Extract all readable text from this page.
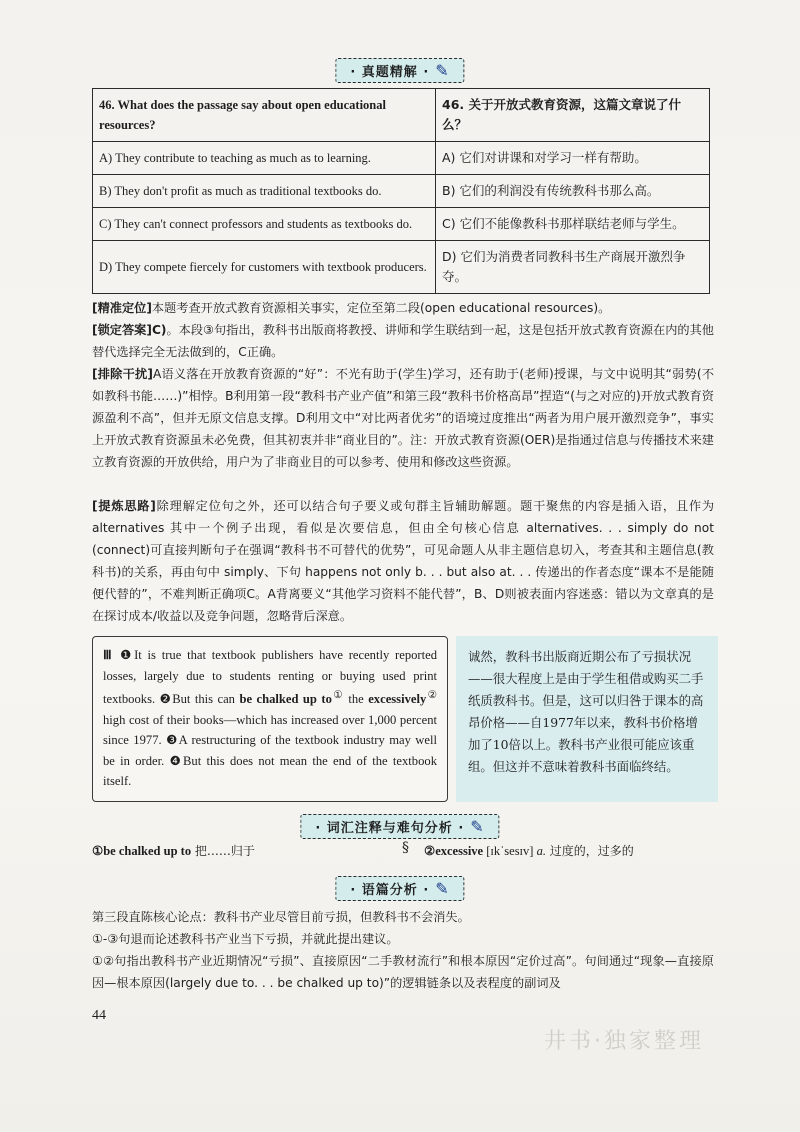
· 真题精解 · ✎
46. What does the passage say about open educational resources?	46. 关于开放式教育资源，这篇文章说了什么？
A) They contribute to teaching as much as to learning.	A) 它们对讲课和对学习一样有帮助。
B) They don't profit as much as traditional textbooks do.	B) 它们的利润没有传统教科书那么高。
C) They can't connect professors and students as textbooks do.	C) 它们不能像教科书那样联结老师与学生。
D) They compete fiercely for customers with textbook producers.	D) 它们为消费者同教科书生产商展开激烈争夺。
[精准定位]本题考查开放式教育资源相关事实，定位至第二段(open educational resources)。
[锁定答案]C)。本段③句指出，教科书出版商将教授、讲师和学生联结到一起，这是包括开放式教育资源在内的其他替代选择完全无法做到的，C正确。
[排除干扰]A语义落在开放教育资源的“好”：不光有助于(学生)学习，还有助于(老师)授课，与文中说明其“弱势(不如教科书能……)”相悖。B利用第一段“教科书产业产值”和第三段“教科书价格高昂”捏造“(与之对应的)开放式教育资源盈利不高”，但并无原文信息支撑。D利用文中“对比两者优劣”的语境过度推出“两者为用户展开激烈竞争”，事实上开放式教育资源虽未必免费，但其初衷并非“商业目的”。注：开放式教育资源(OER)是指通过信息与传播技术来建立教育资源的开放供给，用户为了非商业目的可以参考、使用和修改这些资源。
[提炼思路]除理解定位句之外，还可以结合句子要义或句群主旨辅助解题。题干聚焦的内容是插入语，且作为 alternatives 其中一个例子出现，看似是次要信息，但由全句核心信息 alternatives. . . simply do not (connect)可直接判断句子在强调“教科书不可替代的优势”，可见命题人从非主题信息切入，考查其和主题信息(教科书)的关系，再由句中 simply、下句 happens not only b. . . but also at. . . 传递出的作者态度“课本不是能随便代替的”，不难判断正确项C。A背离要义“其他学习资料不能代替”，B、D则被表面内容迷惑：错以为文章真的是在探讨成本/收益以及竞争问题，忽略背后深意。
Ⅲ ❶It is true that textbook publishers have recently reported losses, largely due to students renting or buying used print textbooks. ❷But this can be chalked up to① the excessively② high cost of their books—which has increased over 1,000 percent since 1977. ❸A restructuring of the textbook industry may well be in order. ❹But this does not mean the end of the textbook itself.
诚然，教科书出版商近期公布了亏损状况——很大程度上是由于学生租借或购买二手纸质教科书。但是，这可以归咎于课本的高昂价格——自1977年以来，教科书价格增加了10倍以上。教科书产业很可能应该重组。但这并不意味着教科书面临终结。
· 词汇注释与难句分析 · ✎
①be chalked up to 把……归于	§ ②excessive [ɪkˈsesɪv] a. 过度的，过多的
· 语篇分析 · ✎
第三段直陈核心论点：教科书产业尽管目前亏损，但教科书不会消失。
①-③句退而论述教科书产业当下亏损，并就此提出建议。
①②句指出教科书产业近期情况“亏损”、直接原因“二手教材流行”和根本原因“定价过高”。句间通过“现象—直接原因—根本原因(largely due to. . . be chalked up to)”的逻辑链条以及表程度的副词及
44
井书·独家整理
